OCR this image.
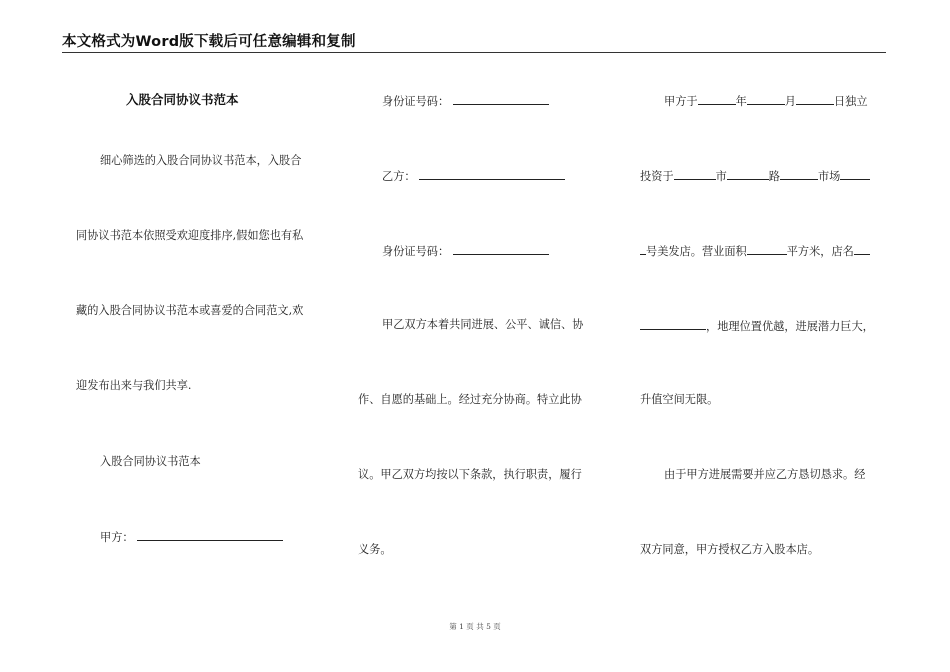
本文格式为Word版下载后可任意编辑和复制
入股合同协议书范本
细心筛选的入股合同协议书范本，入股合
同协议书范本依照受欢迎度排序,假如您也有私
藏的入股合同协议书范本或喜爱的合同范文,欢
迎发布出来与我们共享.
入股合同协议书范本
甲方：
身份证号码：
乙方：
身份证号码：
甲乙双方本着共同进展、公平、诚信、协
作、自愿的基础上。经过充分协商。特立此协
议。甲乙双方均按以下条款，执行职责，履行
义务。
甲方于	年	月	日独立
投资于	市	路	市场
号美发店。营业面积	平方米，店名
，地理位置优越，进展潜力巨大，
升值空间无限。
由于甲方进展需要并应乙方恳切恳求。经
双方同意，甲方授权乙方入股本店。
第 1 页 共 5 页
